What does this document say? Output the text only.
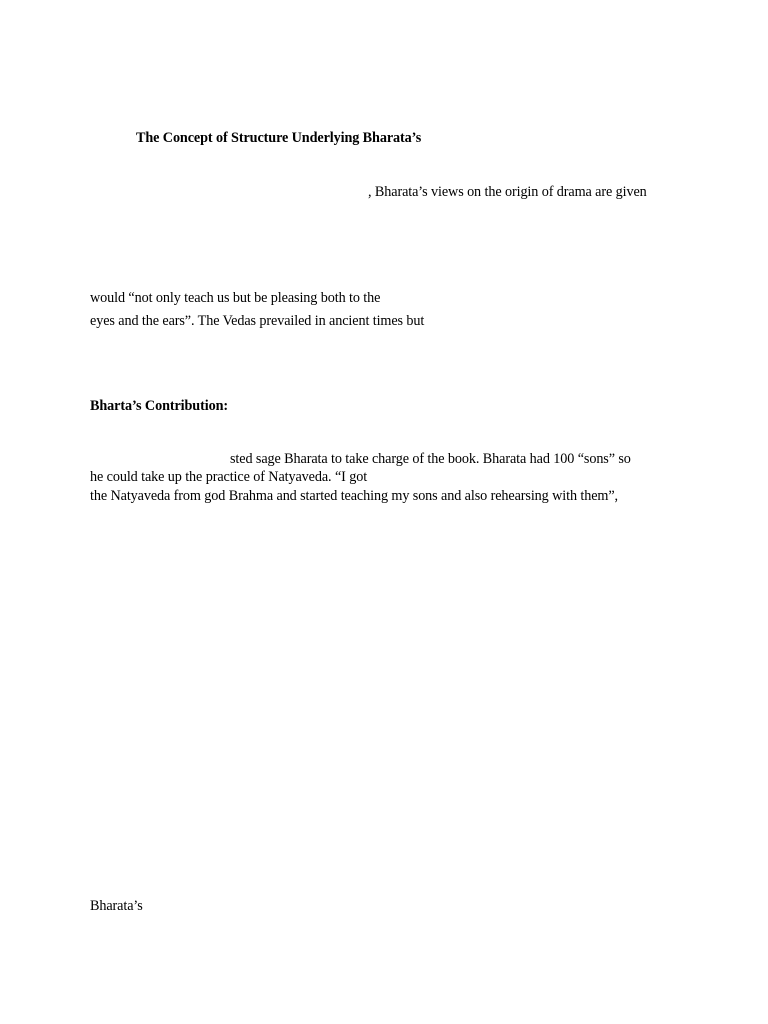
The Concept of Structure Underlying Bharata’s
, Bharata’s views on the origin of drama are given
would “not only teach us but be pleasing both to the
eyes and the ears”. The Vedas prevailed in ancient times but
Bharta’s Contribution:
sted sage Bharata to take charge of the book. Bharata had 100 “sons” so
he could take up the practice of Natyaveda. “I got
the Natyaveda from god Brahma and started teaching my sons and also rehearsing with them”,
Bharata’s
